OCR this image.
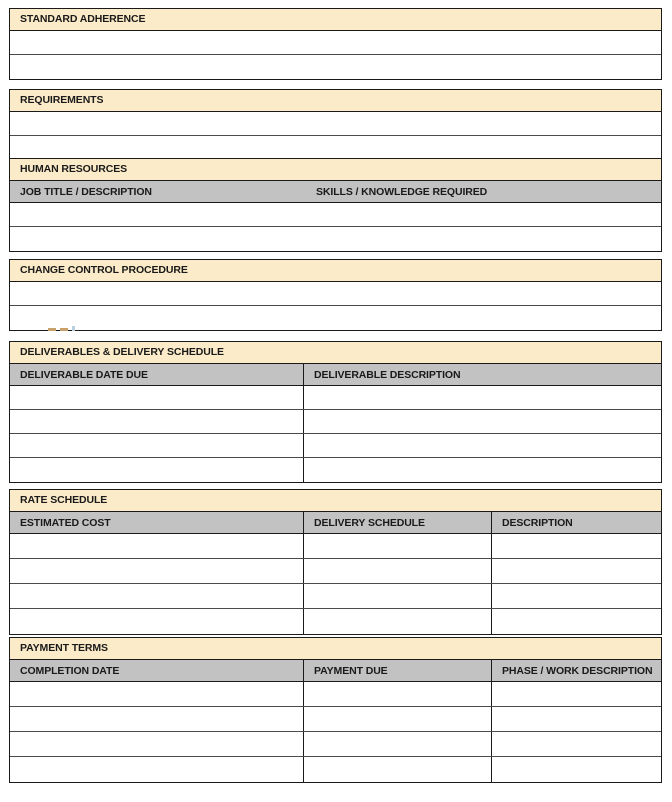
STANDARD ADHERENCE
REQUIREMENTS
HUMAN RESOURCES
JOB TITLE / DESCRIPTION	SKILLS / KNOWLEDGE REQUIRED
CHANGE CONTROL PROCEDURE
DELIVERABLES & DELIVERY SCHEDULE
DELIVERABLE DATE DUE	DELIVERABLE DESCRIPTION
RATE SCHEDULE
ESTIMATED COST	DELIVERY SCHEDULE	DESCRIPTION
PAYMENT TERMS
COMPLETION DATE	PAYMENT DUE	PHASE / WORK DESCRIPTION
